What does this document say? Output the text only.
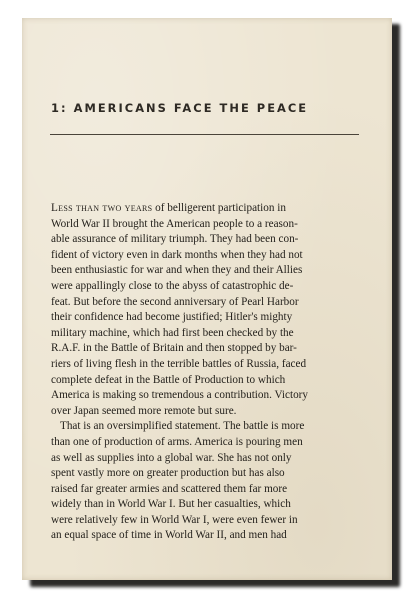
1: AMERICANS FACE THE PEACE

Less than two years of belligerent participation in
World War II brought the American people to a reason-
able assurance of military triumph. They had been con-
fident of victory even in dark months when they had not
been enthusiastic for war and when they and their Allies
were appallingly close to the abyss of catastrophic de-
feat. But before the second anniversary of Pearl Harbor
their confidence had become justified; Hitler's mighty
military machine, which had first been checked by the
R.A.F. in the Battle of Britain and then stopped by bar-
riers of living flesh in the terrible battles of Russia, faced
complete defeat in the Battle of Production to which
America is making so tremendous a contribution. Victory
over Japan seemed more remote but sure.

That is an oversimplified statement. The battle is more
than one of production of arms. America is pouring men
as well as supplies into a global war. She has not only
spent vastly more on greater production but has also
raised far greater armies and scattered them far more
widely than in World War I. But her casualties, which
were relatively few in World War I, were even fewer in
an equal space of time in World War II, and men had
